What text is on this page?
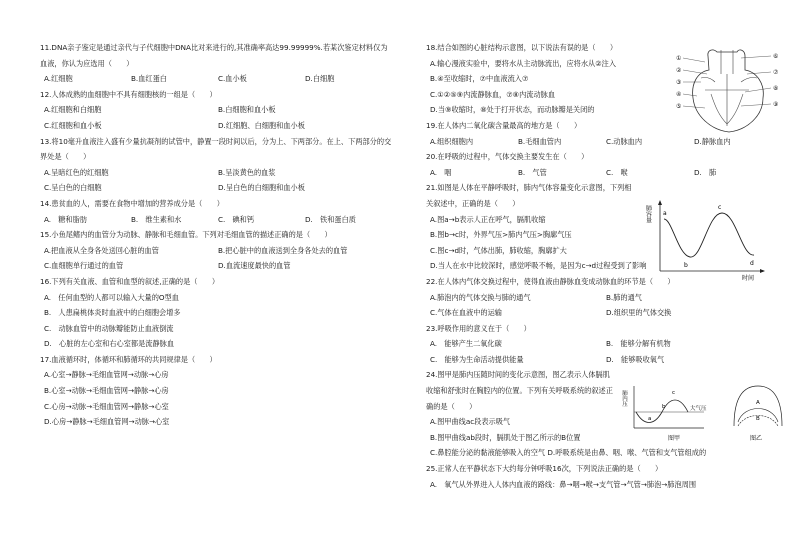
11.DNA亲子鉴定是通过亲代与子代细胞中DNA比对来进行的,其准确率高达99.99999%.若某次鉴定材料仅为血液，你认为应选用（　　）
A.红细胞	B.血红蛋白	C.血小板	D.白细胞
12.人体成熟的血细胞中不具有细胞核的一组是（　　）
A.红细胞和白细胞	B.白细胞和血小板
C.红细胞和血小板	D.红细胞、白细胞和血小板
13.将10毫升血液注入盛有少量抗凝剂的试管中，静置一段时间以后，分为上、下两部分。在上、下两部分的交界处是（　　）
A.呈暗红色的红细胞	B.呈淡黄色的血浆
C.呈白色的白细胞	D.呈白色的白细胞和血小板
14.患贫血的人，需要在食物中增加的营养成分是（　　）
A.　糖和脂肪	B.　维生素和水	C.　碘和钙	D.　铁和蛋白质
15.小鱼尾鳍内的血管分为动脉、静脉和毛细血管。下列对毛细血管的描述正确的是（　　）
A.把血液从全身各处送回心脏的血管	B.把心脏中的血液送到全身各处去的血管
C.血细胞单行通过的血管	D.血流速度最快的血管
16.下列有关血液、血管和血型的叙述,正确的是（　　）
A.　任何血型的人都可以输入大量的O型血
B.　人患扁桃体炎时血液中的白细胞会增多
C.　动脉血管中的动脉瓣能防止血液倒流
D.　心脏的左心室和右心室都是流静脉血
17.血液循环时，体循环和肺循环的共同规律是（　　）
A.心室→静脉→毛细血管网→动脉→心房
B.心室→动脉→毛细血管网→静脉→心房
C.心房→动脉→毛细血管网→静脉→心室
D.心房→静脉→毛细血管网→动脉→心室
18.结合如图的心脏结构示意图，以下说法有误的是（　　）
A.输心漫液实验中，要将水从主动脉流出，应将水从②注入
B.④至收缩时，⑦中血液流入⑦
C.①②⑤⑨内流静脉血，⑦⑧内流动脉血
D.当⑨收缩时，⑧处于打开状态，而动脉瓣是关闭的
19.在人体内二氧化碳含量最高的地方是（　　）
A.组织细胞内	B.毛细血管内	C.动脉血内	D.静脉血内
20.在呼吸的过程中，气体交换主要发生在（　　）
A.　咽	B.　气管	C.　喉	D.　肺
21.如图是人体在平静呼吸时，肺内气体容量变化示意图，下列相关叙述中，正确的是（　　）
A.图a→b表示人正在呼气，膈肌收缩
B.图b→c时，外界气压>肺内气压>胸廓气压
C.图c→d时，气体出肺，肺收缩，胸廓扩大
D.当人在水中比较深时，感觉呼吸不畅，是因为c→d过程受到了影响
22.在人体内气体交换过程中，使得血液由静脉血变成动脉血的环节是（　　）
A.肺泡内的气体交换与肺的通气	B.肺的通气
C.气体在血液中的运输	D.组织里的气体交换
23.呼吸作用的意义在于（　　）
A.　能够产生二氧化碳	B.　能够分解有机物
C.　能够为生命活动提供能量	D.　能够吸收氧气
24.图甲是肺内压随时间的变化示意图，图乙表示人体膈肌收缩和舒张时在胸腔内的位置。下列有关呼吸系统的叙述正确的是（　　）
A.图甲曲线ac段表示吸气
B.图甲曲线ab段时，膈肌处于图乙所示的B位置
C.鼻腔能分泌的黏液能够吸入的空气 D.呼吸系统是由鼻、咽、喉、气管和支气管组成的
25.正常人在平静状态下大约每分钟呼吸16次，下列说法正确的是（　　）
A.　氧气从外界进入人体内血液的路线：鼻→咽→喉→支气管→气管→肺泡→肺泡周围
①
②
③
④
⑤
⑥
⑦
⑧
⑨
肺容量
时间
a
b
c
d
肺内压
a
b
c
大气压
图甲
A
B
图乙
